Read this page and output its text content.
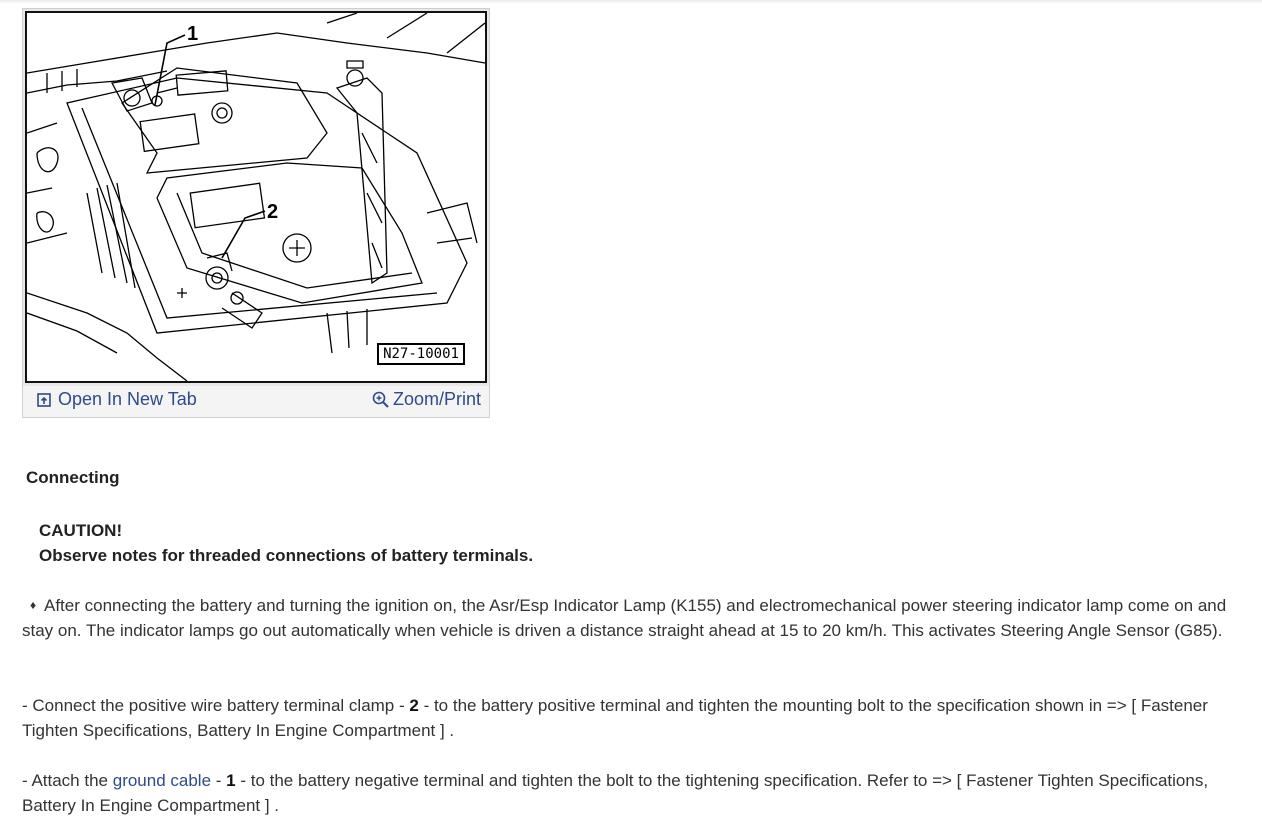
1
2
N27-10001
Open In New Tab	Zoom/Print
Connecting
CAUTION!
Observe notes for threaded connections of battery terminals.
♦ After connecting the battery and turning the ignition on, the Asr/Esp Indicator Lamp (K155) and electromechanical power steering indicator lamp come on and stay on. The indicator lamps go out automatically when vehicle is driven a distance straight ahead at 15 to 20 km/h. This activates Steering Angle Sensor (G85).
- Connect the positive wire battery terminal clamp - 2 - to the battery positive terminal and tighten the mounting bolt to the specification shown in => [ Fastener Tighten Specifications, Battery In Engine Compartment ] .
- Attach the ground cable - 1 - to the battery negative terminal and tighten the bolt to the tightening specification. Refer to => [ Fastener Tighten Specifications, Battery In Engine Compartment ] .
